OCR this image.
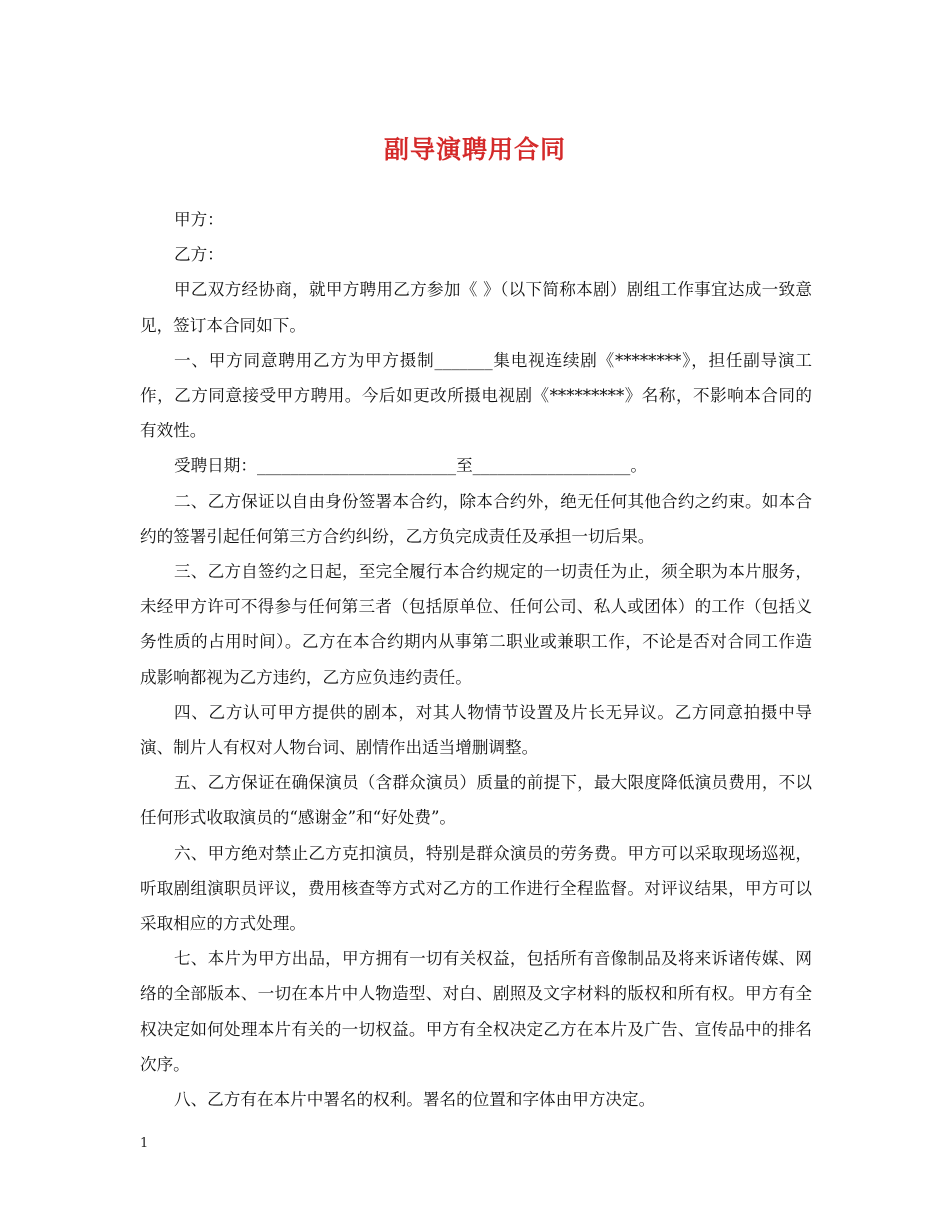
副导演聘用合同

甲方：

乙方：

甲乙双方经协商，就甲方聘用乙方参加《 》（以下简称本剧）剧组工作事宜达成一致意见，签订本合同如下。

一、甲方同意聘用乙方为甲方摄制_______集电视连续剧《********》，担任副导演工作，乙方同意接受甲方聘用。今后如更改所摄电视剧《*********》名称，不影响本合同的有效性。

受聘日期：________________________至___________________。

二、乙方保证以自由身份签署本合约，除本合约外，绝无任何其他合约之约束。如本合约的签署引起任何第三方合约纠纷，乙方负完成责任及承担一切后果。

三、乙方自签约之日起，至完全履行本合约规定的一切责任为止，须全职为本片服务，未经甲方许可不得参与任何第三者（包括原单位、任何公司、私人或团体）的工作（包括义务性质的占用时间）。乙方在本合约期内从事第二职业或兼职工作，不论是否对合同工作造成影响都视为乙方违约，乙方应负违约责任。

四、乙方认可甲方提供的剧本，对其人物情节设置及片长无异议。乙方同意拍摄中导演、制片人有权对人物台词、剧情作出适当增删调整。

五、乙方保证在确保演员（含群众演员）质量的前提下，最大限度降低演员费用，不以任何形式收取演员的“感谢金”和“好处费”。

六、甲方绝对禁止乙方克扣演员，特别是群众演员的劳务费。甲方可以采取现场巡视，听取剧组演职员评议，费用核查等方式对乙方的工作进行全程监督。对评议结果，甲方可以采取相应的方式处理。

七、本片为甲方出品，甲方拥有一切有关权益，包括所有音像制品及将来诉诸传媒、网络的全部版本、一切在本片中人物造型、对白、剧照及文字材料的版权和所有权。甲方有全权决定如何处理本片有关的一切权益。甲方有全权决定乙方在本片及广告、宣传品中的排名次序。

八、乙方有在本片中署名的权利。署名的位置和字体由甲方决定。

1
